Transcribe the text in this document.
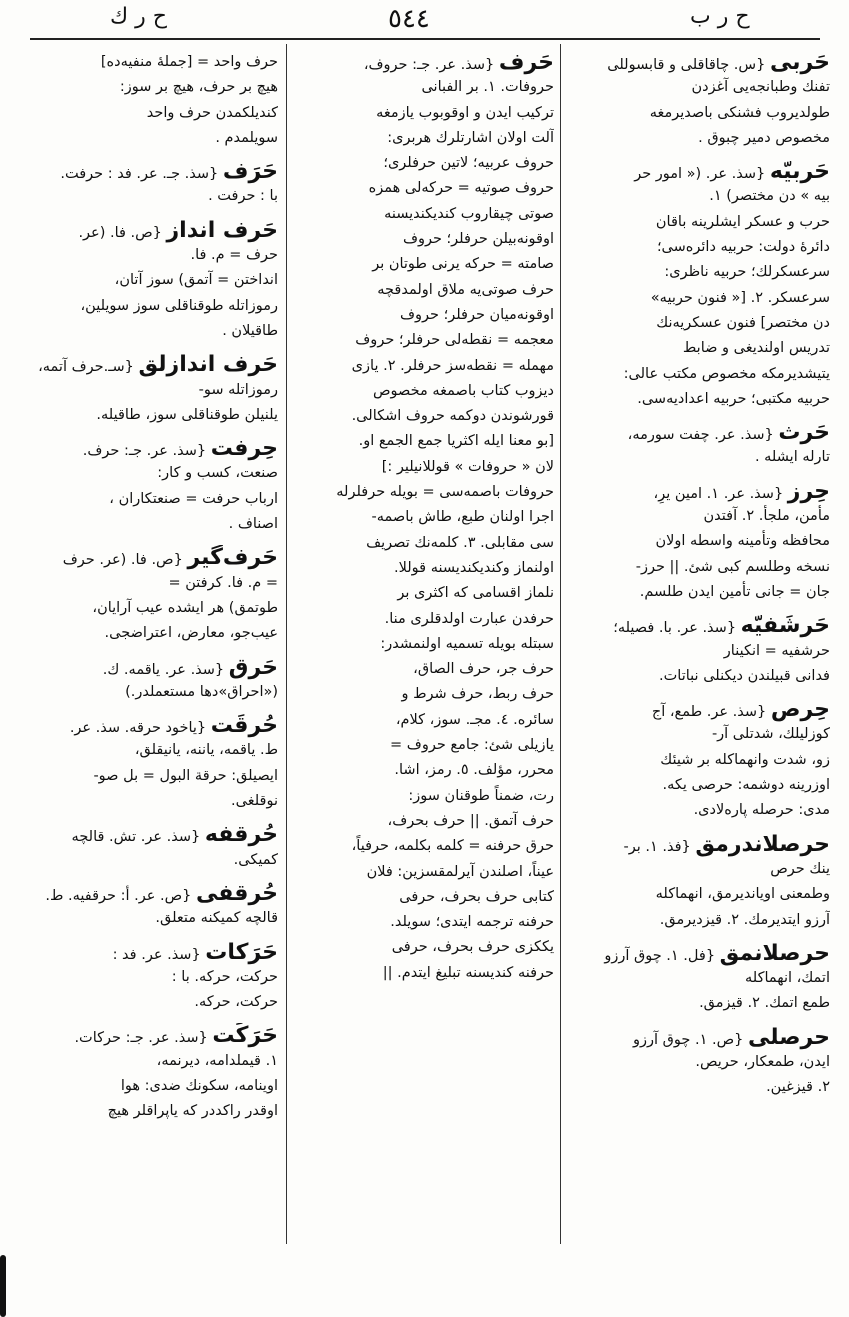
ح ر ك	٥٤٤	ح ر ب
حَربى {س. چاقاقلى و قابسوللى
تفنك وطبانجه‌يى آغزدن
طولديروب فشنكى باصديرمغه
مخصوص دمير چبوق .
حَربيّه {سذ. عر. (« امور حر
بيه » دن مختصر) ١.
حرب و عسكر ايشلرينه باقان
دائرهٔ دولت: حربيه دائره‌سى؛
سرعسكرلك؛ حربيه ناظرى:
سرعسكر. ٢. [« فنون حربيه»
دن مختصر] فنون عسكريه‌نك
تدريس اولنديغى و ضابط
يتيشديرمكه مخصوص مكتب عالى:
حربيه مكتبى؛ حربيه اعداديه‌سى.
حَرث {سذ. عر. چفت سورمه،
تارله ايشله .
حِرز {سذ. عر. ١. امين يرِ،
مأمن، ملجأ. ٢. آفتدن
محافظه وتأمينه واسطه اولان
نسخه وطلسم كبى شئ. || حرز-
جان = جانى تأمين ايدن طلسم.
حَرشَفيّه {سذ. عر. با. فصيله؛
حرشفيه = انكينار
فدانى قبيلندن ديكنلى نباتات.
حِرص {سذ. عر. طمع، آج
كوزليلك، شدتلى آر-
زو، شدت وانهماكله بر شيئك
اوزرينه دوشمه: حرصى يكه.
مدى: حرصله پاره‌لادى.
حرصلاندرمق {فذ. ١. بر-
ينك حرص
وطمعنى اويانديرمق، انهماكله
آرزو ايتديرمك. ٢. قيزديرمق.
حرصلانمق {فل. ١. چوق آرزو
اتمك، انهماكله
طمع اتمك. ٢. قيزمق.
حرصلى {ص. ١. چوق آرزو
ايدن، طمعكار، حريص.
٢. قيزغين.
حَرف {سذ. عر. جـ: حروف،
حروفات. ١. بر الفبانى
تركيب ايدن و اوقوبوب يازمغه
آلت اولان اشارتلرك هربرى:
حروف عربيه؛ لاتين حرفلرى؛
حروف صوتيه = حركه‌لى همزه
صوتى چيقاروب كنديكنديسنه
اوقونه‌بيلن حرفلر؛ حروف
صامته = حركه يرنى طوتان بر
حرف صوتى‌يه ملاق اولمدقچه
اوقونه‌ميان حرفلر؛ حروف
معجمه = نقطه‌لى حرفلر؛ حروف
مهمله = نقطه‌سز حرفلر. ٢. يازى
ديزوب كتاب باصمغه مخصوص
قورشوندن دوكمه حروف اشكالى.
[بو معنا ايله اكثريا جمع الجمع او.
لان « حروفات » قوللانيلير :]
حروفات باصمه‌سى = بويله حرفلرله
اجرا اولنان طبع، طاش باصمه-
سى مقابلى. ٣. كلمه‌نك تصريف
اولنماز وكنديكنديسنه قوللا.
نلماز اقسامى كه اكثرى بر
حرفدن عبارت اولدقلرى منا.
سبتله بويله تسميه اولنمشدر:
حرف جر، حرف الصاق،
حرف ربط، حرف شرط و
سائره. ٤. مجـ. سوز، كلام،
يازيلى شئ: جامع حروف =
محرر، مؤلف. ٥. رمز، اشا.
رت، ضمناً طوقنان سوز:
حرف آتمق. || حرف بحرف،
حرق حرفنه = كلمه بكلمه، حرفياً،
عيناً، اصلندن آيرلمقسزين: فلان
كتابى حرف بحرف، حرفى
حرفنه ترجمه ايتدى؛ سويلد.
يككزى حرف بحرف، حرفى
حرفنه كنديسنه تبليغ ايتدم. ||
حرف واحد = [جملهٔ منفيه‌ده]
هيچ بر حرف، هيچ بر سوز:
كنديلكمدن حرف واحد
سويلمدم .
حَرَف {سذ. جـ. عر. فد : حرفت.
با : حرفت .
حَرف انداز {ص. فا. (عر.
حرف = م. فا.
انداختن = آتمق) سوز آتان،
رموزاتله طوقناقلى سوز سويلين،
طاقيلان .
حَرف اندازلق {سـ.حرف آتمه،
رموزاتله سو-
يلنيلن طوقناقلى سوز، طاقيله.
حِرفت {سذ. عر. جـ: حرف.
صنعت، كسب و كار:
ارباب حرفت = صنعتكاران ،
اصناف .
حَرف‌گير {ص. فا. (عر. حرف
= م. فا. كرفتن =
طوتمق) هر ايشده عيب آرايان،
عيب‌جو، معارض، اعتراضجى.
حَرق {سذ. عر. ياقمه. ك.
(«احراق»دها مستعملدر.)
حُرقَت {ياخود حرقه. سذ. عر.
ط. ياقمه، ياننه، يانيقلق،
ايصيلق: حرقة البول = بل صو-
نوقلغى.
حُرقفه {سذ. عر. تش. قالچه
كميكى.
حُرقفى {ص. عر. أ: حرقفيه. ط.
قالچه كميكنه متعلق.
حَرَكات {سذ. عر. فد :
حركت، حركه. با :
حركت، حركه.
حَرَكَت {سذ. عر. جـ: حركات.
١. قيملدامه، ديرنمه،
اوينامه، سكونك ضدى: هوا
اوقدر راكددر كه ياپراقلر هيچ
